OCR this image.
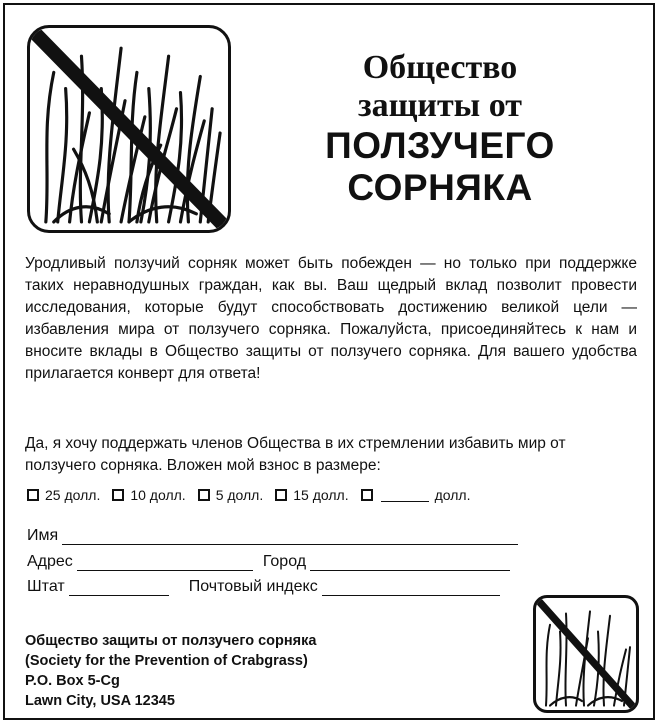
Общество
защиты от
ПОЛЗУЧЕГО
СОРНЯКА
Уродливый ползучий сорняк может быть побежден — но только при поддержке таких неравнодушных граждан, как вы. Ваш щедрый вклад позволит провести исследования, которые будут способствовать достижению великой цели — избавления мира от ползучего сорняка. Пожалуйста, присоединяйтесь к нам и вносите вклады в Общество защиты от ползучего сорняка. Для вашего удобства прилагается конверт для ответа!
Да, я хочу поддержать членов Общества в их стремлении избавить мир от ползучего сорняка. Вложен мой взнос в размере:
25 долл. 10 долл. 5 долл. 15 долл.	долл.
Имя
Адрес	Город
Штат	Почтовый индекс
Общество защиты от ползучего сорняка
(Society for the Prevention of Crabgrass)
P.O. Box 5-Cg
Lawn City, USA 12345
